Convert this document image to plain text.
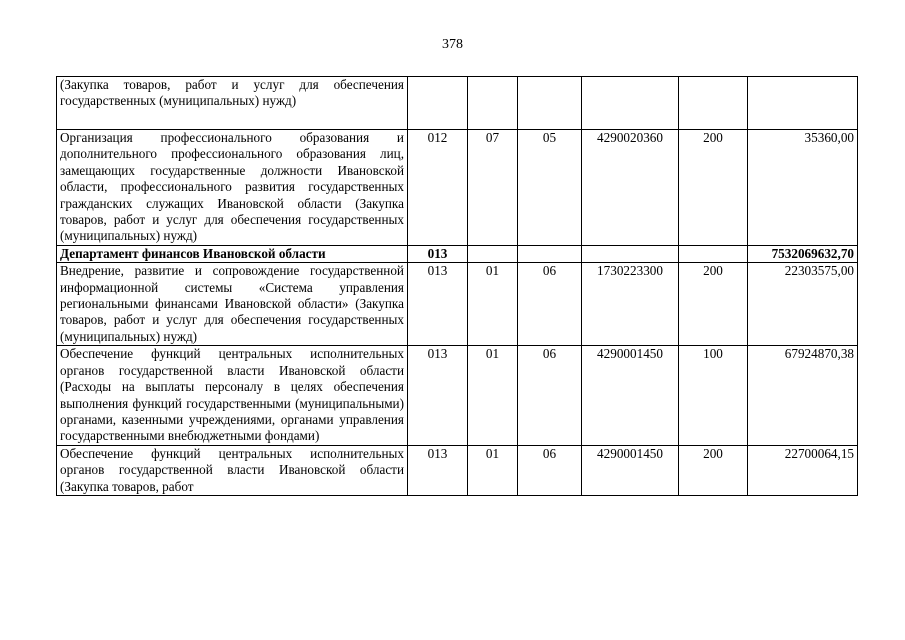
378
(Закупка товаров, работ и услуг для обеспечения государственных (муниципальных) нужд)						
Организация профессионального образования и дополнительного профессионального образования лиц, замещающих государственные должности Ивановской области, профессионального развития государственных гражданских служащих Ивановской области (Закупка товаров, работ и услуг для обеспечения государственных (муниципальных) нужд)	012	07	05	4290020360	200	35360,00
Департамент финансов Ивановской области	013					7532069632,70
Внедрение, развитие и сопровождение государственной информационной системы «Система управления региональными финансами Ивановской области» (Закупка товаров, работ и услуг для обеспечения государственных (муниципальных) нужд)	013	01	06	1730223300	200	22303575,00
Обеспечение функций центральных исполнительных органов государственной власти Ивановской области (Расходы на выплаты персоналу в целях обеспечения выполнения функций государственными (муниципальными) органами, казенными учреждениями, органами управления государственными внебюджетными фондами)	013	01	06	4290001450	100	67924870,38
Обеспечение функций центральных исполнительных органов государственной власти Ивановской области (Закупка товаров, работ	013	01	06	4290001450	200	22700064,15
